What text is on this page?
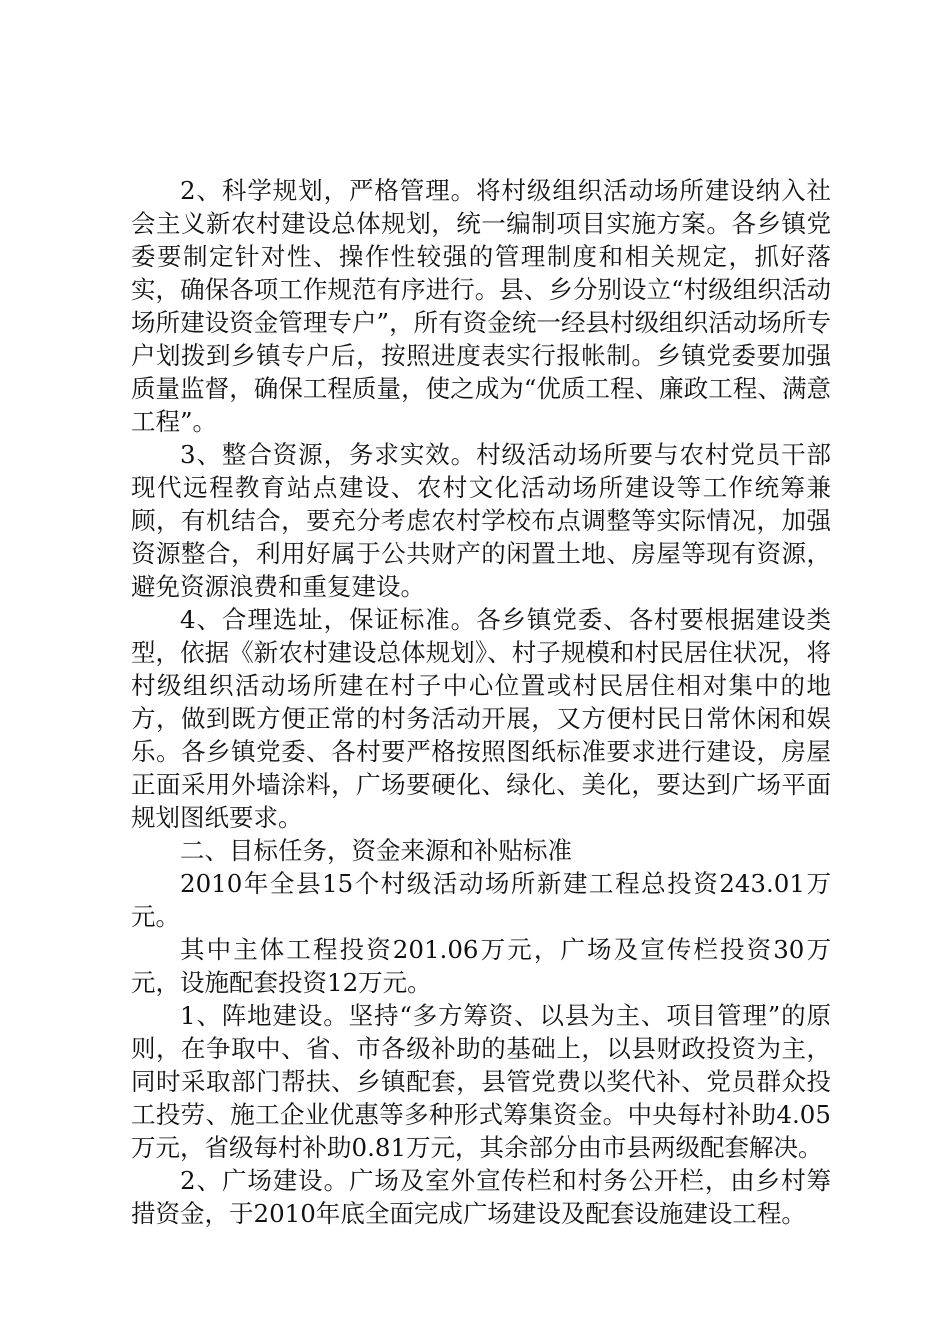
2、科学规划，严格管理。将村级组织活动场所建设纳入社会主义新农村建设总体规划，统一编制项目实施方案。各乡镇党委要制定针对性、操作性较强的管理制度和相关规定，抓好落实，确保各项工作规范有序进行。县、乡分别设立“村级组织活动场所建设资金管理专户”，所有资金统一经县村级组织活动场所专户划拨到乡镇专户后，按照进度表实行报帐制。乡镇党委要加强质量监督，确保工程质量，使之成为“优质工程、廉政工程、满意工程”。

3、整合资源，务求实效。村级活动场所要与农村党员干部现代远程教育站点建设、农村文化活动场所建设等工作统筹兼顾，有机结合，要充分考虑农村学校布点调整等实际情况，加强资源整合，利用好属于公共财产的闲置土地、房屋等现有资源，避免资源浪费和重复建设。

4、合理选址，保证标准。各乡镇党委、各村要根据建设类型，依据《新农村建设总体规划》、村子规模和村民居住状况，将村级组织活动场所建在村子中心位置或村民居住相对集中的地方，做到既方便正常的村务活动开展，又方便村民日常休闲和娱乐。各乡镇党委、各村要严格按照图纸标准要求进行建设，房屋正面采用外墙涂料，广场要硬化、绿化、美化，要达到广场平面规划图纸要求。

二、目标任务，资金来源和补贴标准

2010年全县15个村级活动场所新建工程总投资243.01万元。

其中主体工程投资201.06万元，广场及宣传栏投资30万元，设施配套投资12万元。

1、阵地建设。坚持“多方筹资、以县为主、项目管理”的原则，在争取中、省、市各级补助的基础上，以县财政投资为主，同时采取部门帮扶、乡镇配套，县管党费以奖代补、党员群众投工投劳、施工企业优惠等多种形式筹集资金。中央每村补助4.05万元，省级每村补助0.81万元，其余部分由市县两级配套解决。

2、广场建设。广场及室外宣传栏和村务公开栏，由乡村筹措资金，于2010年底全面完成广场建设及配套设施建设工程。
